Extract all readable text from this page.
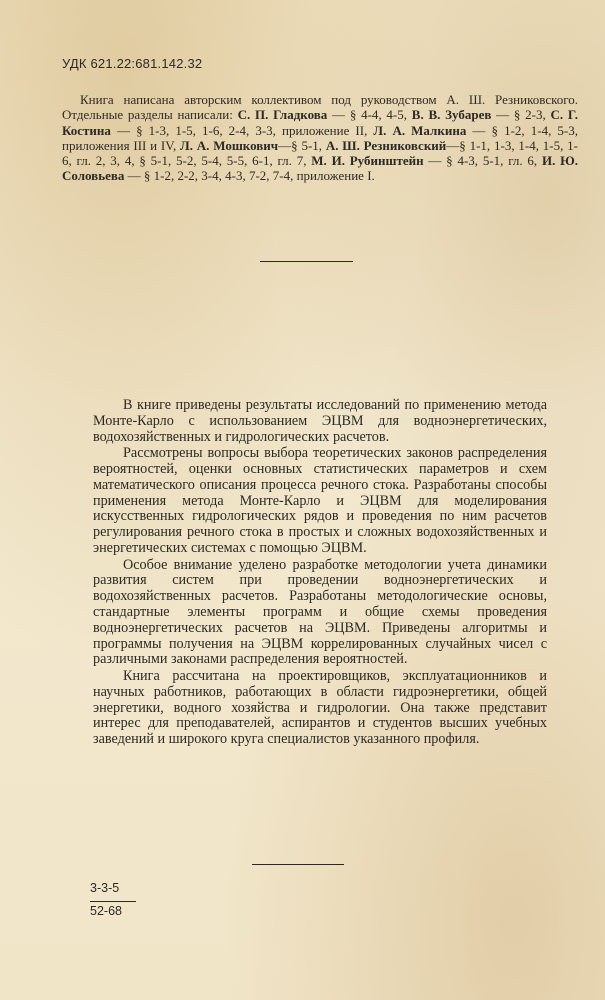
УДК 621.22:681.142.32

Книга написана авторским коллективом под руководством А. Ш. Резниковского. Отдельные разделы написали: С. П. Гладкова — § 4-4, 4-5, В. В. Зубарев — § 2-3, С. Г. Костина — § 1-3, 1-5, 1-6, 2-4, 3-3, приложение II, Л. А. Малкина — § 1-2, 1-4, 5-3, приложения III и IV, Л. А. Мошкович—§ 5-1, А. Ш. Резниковский—§ 1-1, 1-3, 1-4, 1-5, 1-6, гл. 2, 3, 4, § 5-1, 5-2, 5-4, 5-5, 6-1, гл. 7, М. И. Рубинштейн — § 4-3, 5-1, гл. 6, И. Ю. Соловьева — § 1-2, 2-2, 3-4, 4-3, 7-2, 7-4, приложение I.

В книге приведены результаты исследований по применению метода Монте-Карло с использованием ЭЦВМ для водноэнергетических, водохозяйственных и гидрологических расчетов.

Рассмотрены вопросы выбора теоретических законов распределения вероятностей, оценки основных статистических параметров и схем математического описания процесса речного стока. Разработаны способы применения метода Монте-Карло и ЭЦВМ для моделирования искусственных гидрологических рядов и проведения по ним расчетов регулирования речного стока в простых и сложных водохозяйственных и энергетических системах с помощью ЭЦВМ.

Особое внимание уделено разработке методологии учета динамики развития систем при проведении водноэнергетических и водохозяйственных расчетов. Разработаны методологические основы, стандартные элементы программ и общие схемы проведения водноэнергетических расчетов на ЭЦВМ. Приведены алгоритмы и программы получения на ЭЦВМ коррелированных случайных чисел с различными законами распределения вероятностей.

Книга рассчитана на проектировщиков, эксплуатационников и научных работников, работающих в области гидроэнергетики, общей энергетики, водного хозяйства и гидрологии. Она также представит интерес для преподавателей, аспирантов и студентов высших учебных заведений и широкого круга специалистов указанного профиля.

3-3-5
52-68
